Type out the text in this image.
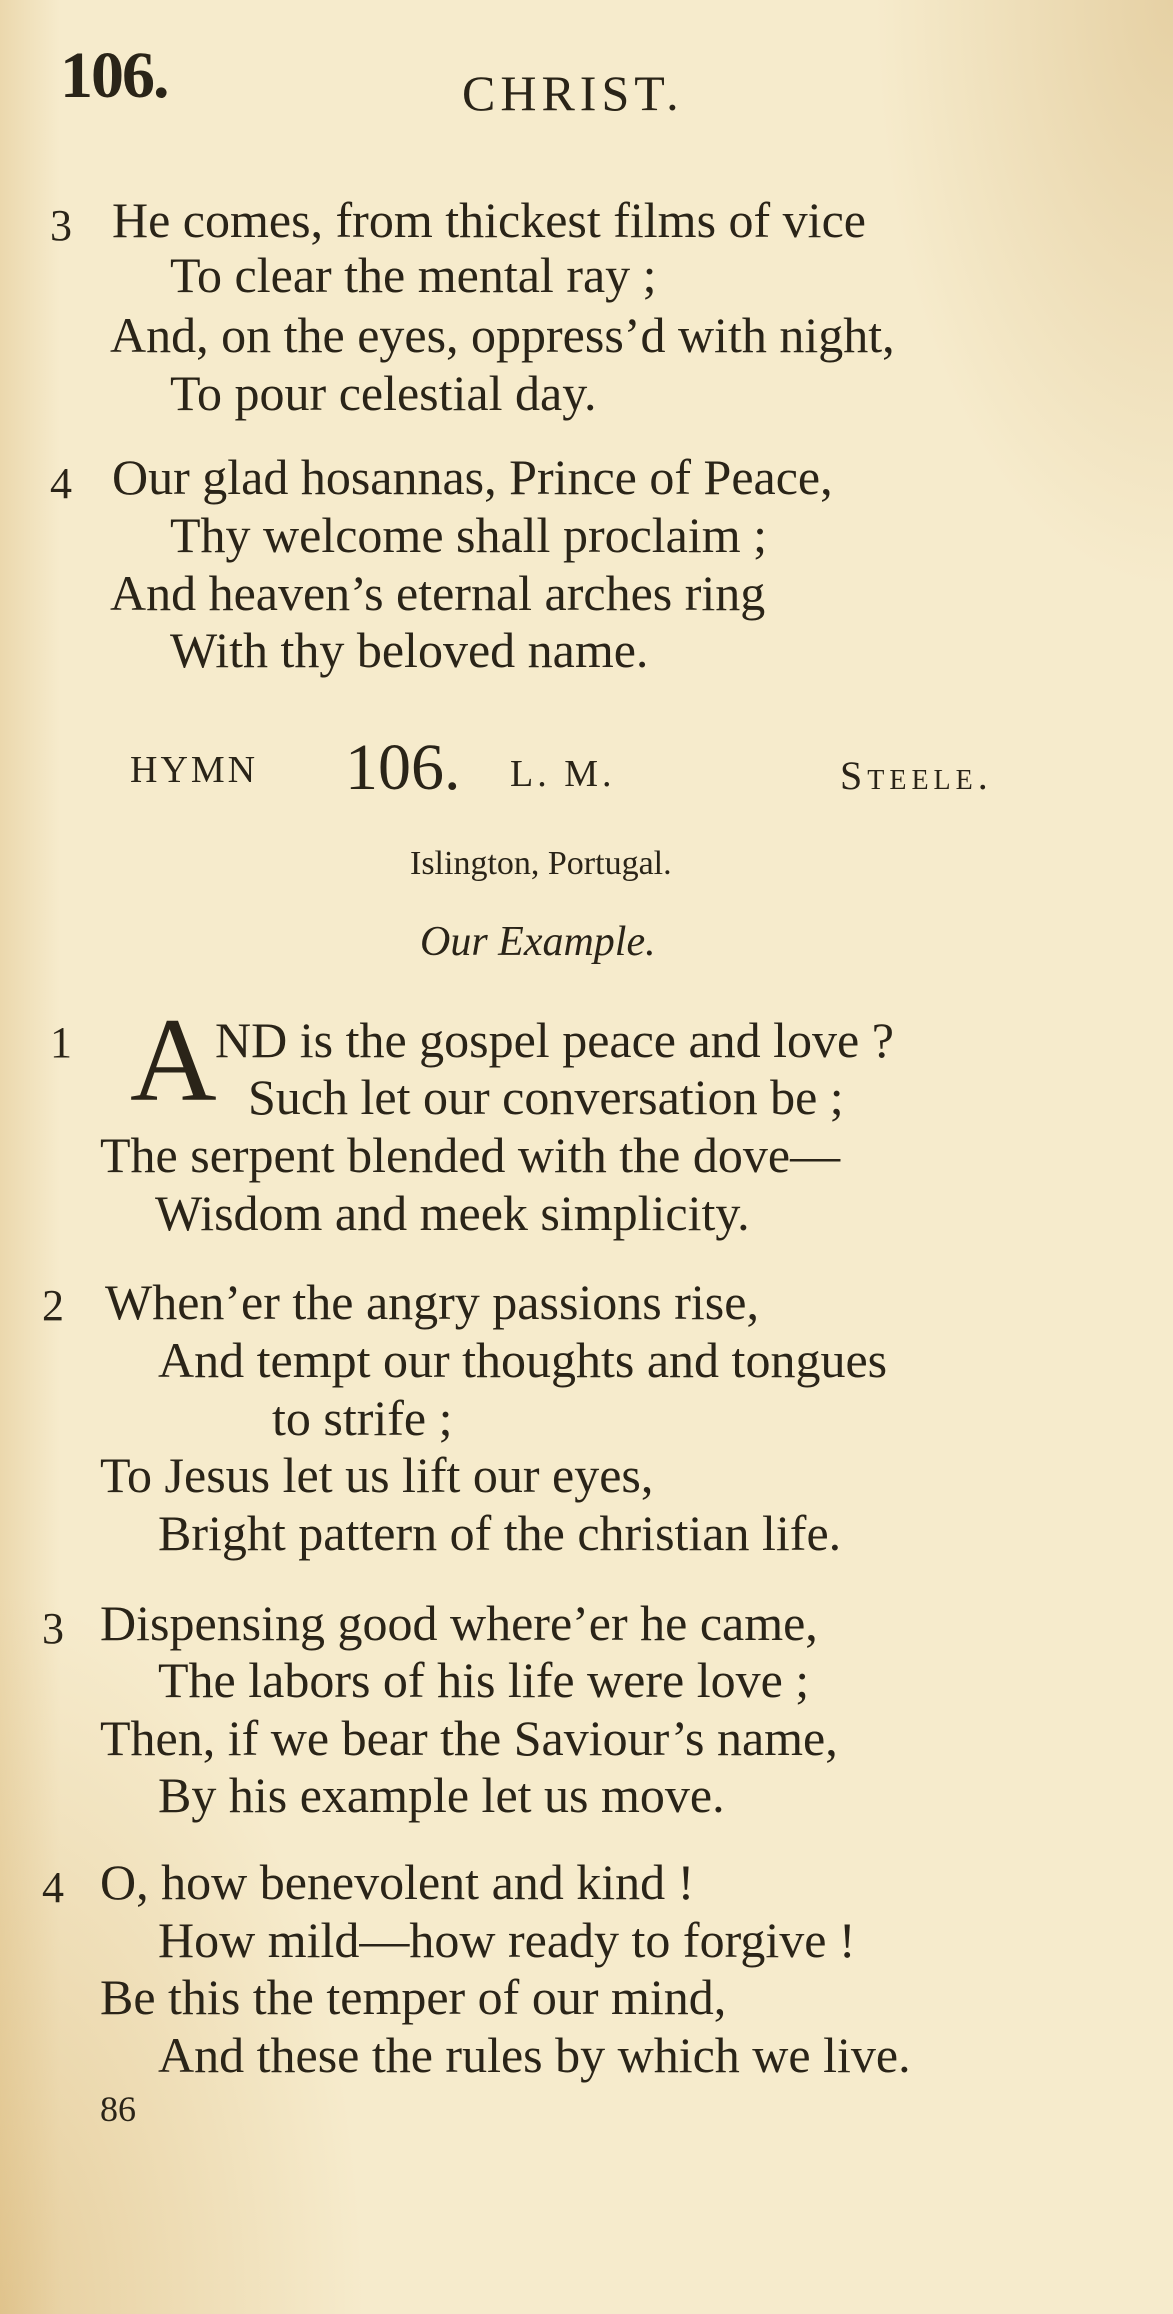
106.	CHRIST.
3 He comes, from thickest films of vice
To clear the mental ray ;
And, on the eyes, oppress’d with night,
To pour celestial day.
4 Our glad hosannas, Prince of Peace,
Thy welcome shall proclaim ;
And heaven’s eternal arches ring
With thy beloved name.
HYMN 106. L. M.	Steele.
Islington, Portugal.
Our Example.
1 A
ND is the gospel peace and love ?
Such let our conversation be ;
The serpent blended with the dove—
Wisdom and meek simplicity.
2 When’er the angry passions rise,
And tempt our thoughts and tongues
to strife ;
To Jesus let us lift our eyes,
Bright pattern of the christian life.
3 Dispensing good where’er he came,
The labors of his life were love ;
Then, if we bear the Saviour’s name,
By his example let us move.
4 O, how benevolent and kind !
How mild—how ready to forgive !
Be this the temper of our mind,
And these the rules by which we live.
86
